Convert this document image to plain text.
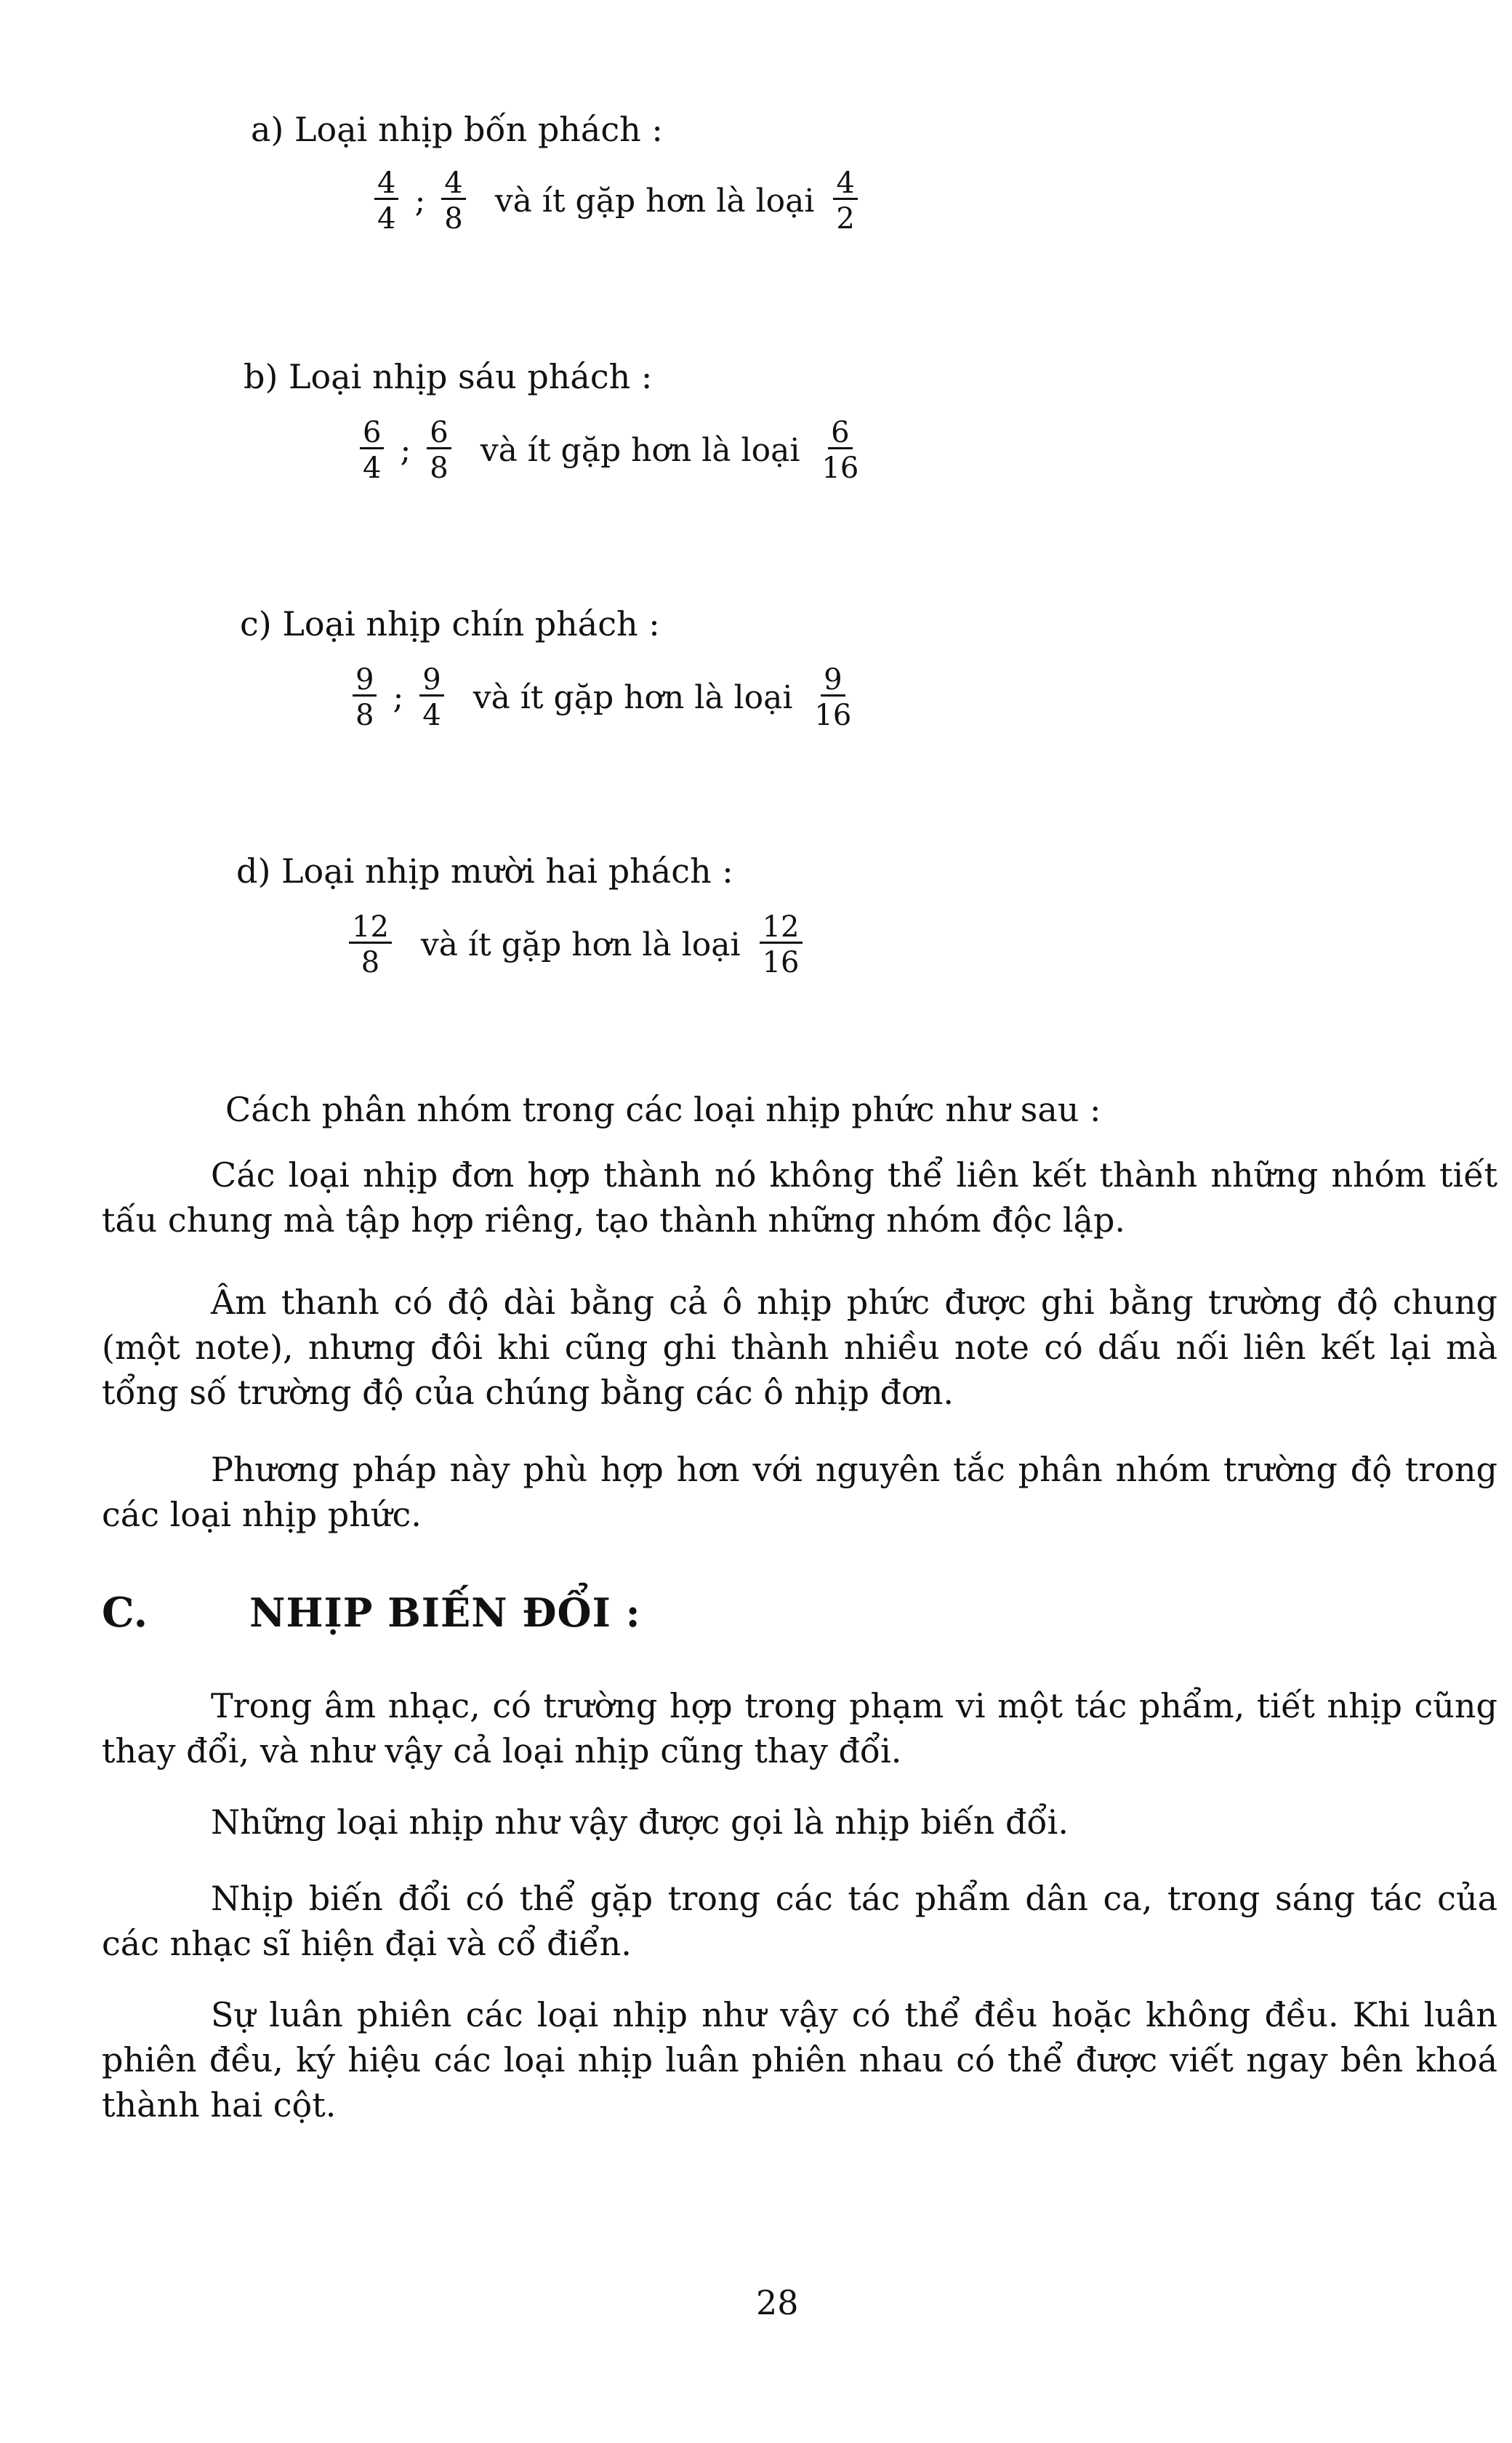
a) Loại nhịp bốn phách :
$\frac{4}{4}$ ; $\frac{4}{8}$ và ít gặp hơn là loại $\frac{4}{2}$
b) Loại nhịp sáu phách :
$\frac{6}{4}$ ; $\frac{6}{8}$ và ít gặp hơn là loại $\frac{6}{16}$
c) Loại nhịp chín phách :
$\frac{9}{8}$ ; $\frac{9}{4}$ và ít gặp hơn là loại $\frac{9}{16}$
d) Loại nhịp mười hai phách :
$\frac{12}{8}$ và ít gặp hơn là loại $\frac{12}{16}$
Cách phân nhóm trong các loại nhịp phức như sau :
Các loại nhịp đơn hợp thành nó không thể liên kết thành những nhóm tiết tấu chung mà tập hợp riêng, tạo thành những nhóm độc lập.
Âm thanh có độ dài bằng cả ô nhịp phức được ghi bằng trường độ chung (một note), nhưng đôi khi cũng ghi thành nhiều note có dấu nối liên kết lại mà tổng số trường độ của chúng bằng các ô nhịp đơn.
Phương pháp này phù hợp hơn với nguyên tắc phân nhóm trường độ trong các loại nhịp phức.
C.	NHỊP BIẾN ĐỔI :
Trong âm nhạc, có trường hợp trong phạm vi một tác phẩm, tiết nhịp cũng thay đổi, và như vậy cả loại nhịp cũng thay đổi.
Những loại nhịp như vậy được gọi là nhịp biến đổi.
Nhịp biến đổi có thể gặp trong các tác phẩm dân ca, trong sáng tác của các nhạc sĩ hiện đại và cổ điển.
Sự luân phiên các loại nhịp như vậy có thể đều hoặc không đều. Khi luân phiên đều, ký hiệu các loại nhịp luân phiên nhau có thể được viết ngay bên khoá thành hai cột.
28
